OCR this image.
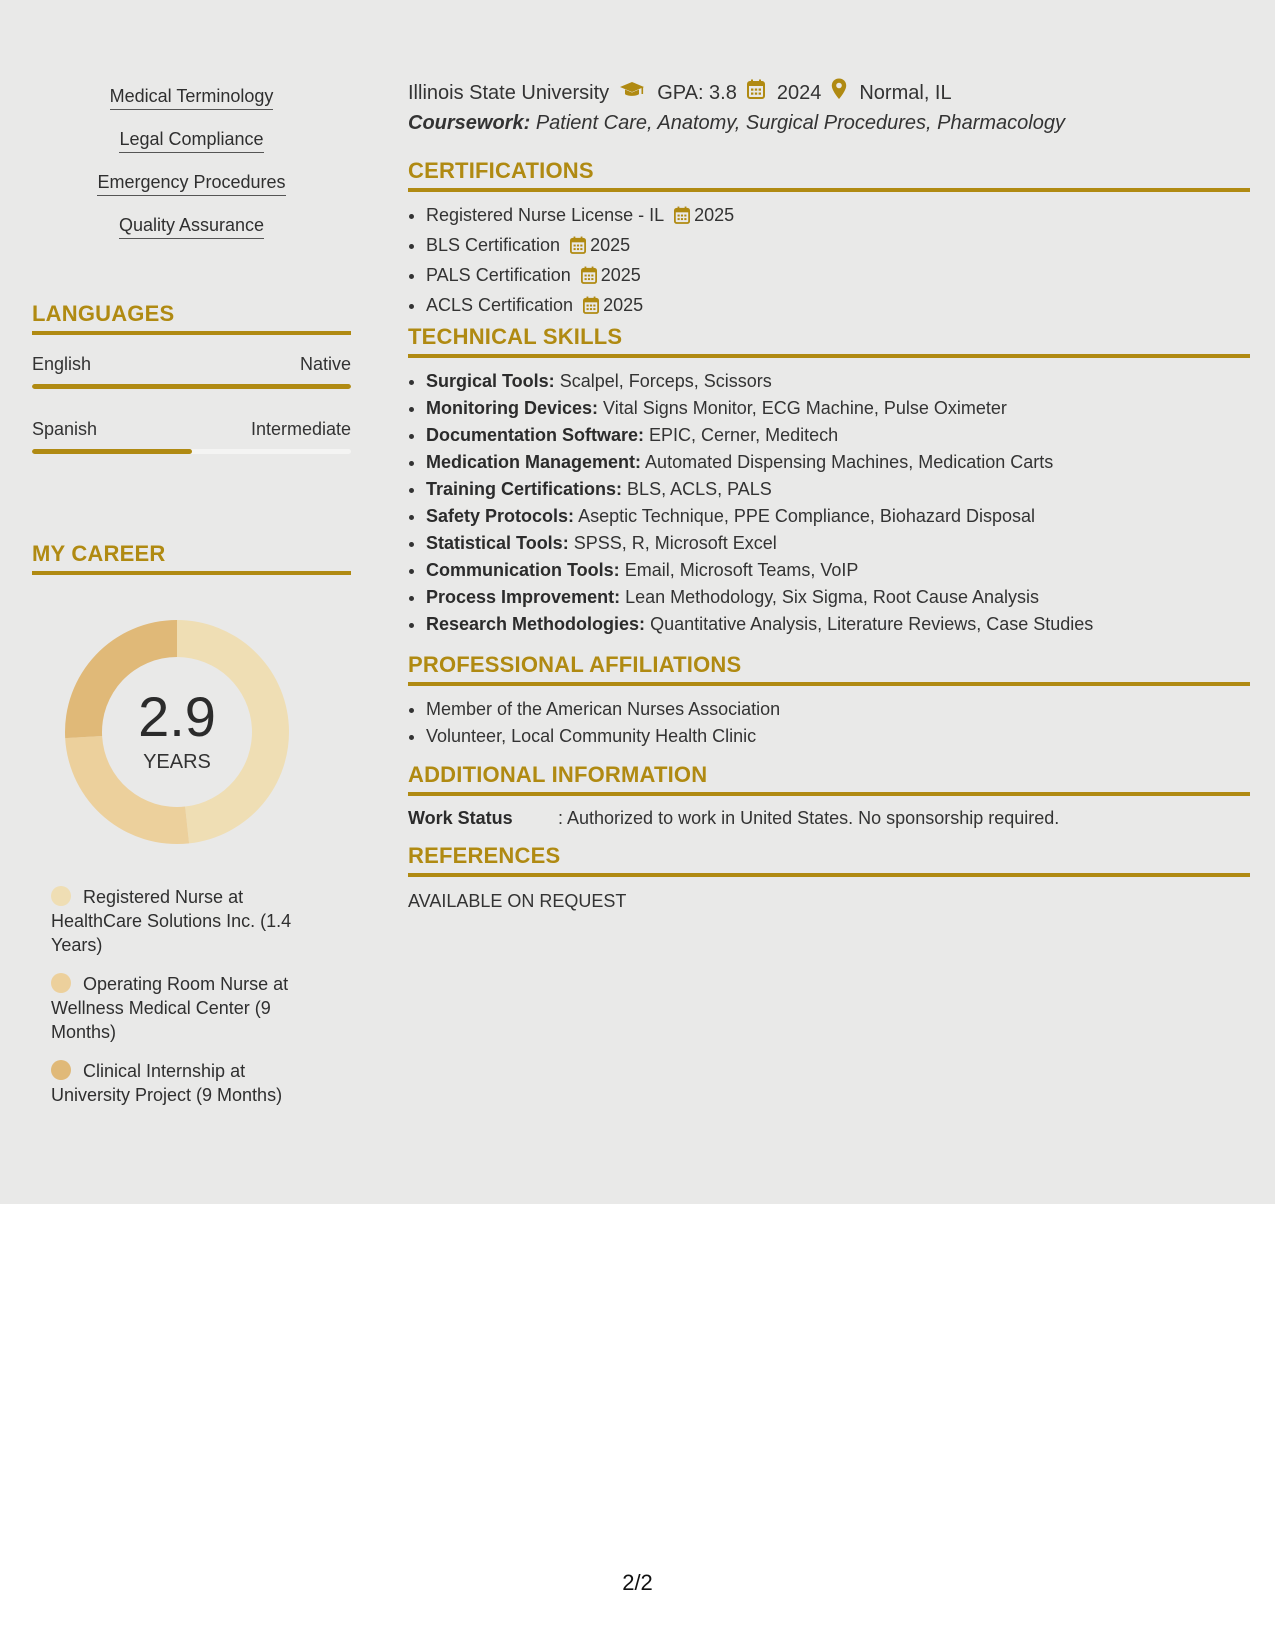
Medical Terminology
Legal Compliance
Emergency Procedures
Quality Assurance
LANGUAGES
English	Native
Spanish	Intermediate
MY CAREER
2.9
YEARS
Registered Nurse at HealthCare Solutions Inc. (1.4 Years)
Operating Room Nurse at Wellness Medical Center (9 Months)
Clinical Internship at University Project (9 Months)
Illinois State University GPA: 3.8 2024 Normal, IL
Coursework: Patient Care, Anatomy, Surgical Procedures, Pharmacology
CERTIFICATIONS
• Registered Nurse License - IL 2025
• BLS Certification 2025
• PALS Certification 2025
• ACLS Certification 2025
TECHNICAL SKILLS
• Surgical Tools: Scalpel, Forceps, Scissors
• Monitoring Devices: Vital Signs Monitor, ECG Machine, Pulse Oximeter
• Documentation Software: EPIC, Cerner, Meditech
• Medication Management: Automated Dispensing Machines, Medication Carts
• Training Certifications: BLS, ACLS, PALS
• Safety Protocols: Aseptic Technique, PPE Compliance, Biohazard Disposal
• Statistical Tools: SPSS, R, Microsoft Excel
• Communication Tools: Email, Microsoft Teams, VoIP
• Process Improvement: Lean Methodology, Six Sigma, Root Cause Analysis
• Research Methodologies: Quantitative Analysis, Literature Reviews, Case Studies
PROFESSIONAL AFFILIATIONS
• Member of the American Nurses Association
• Volunteer, Local Community Health Clinic
ADDITIONAL INFORMATION
Work Status	: Authorized to work in United States. No sponsorship required.
REFERENCES
AVAILABLE ON REQUEST
2/2
